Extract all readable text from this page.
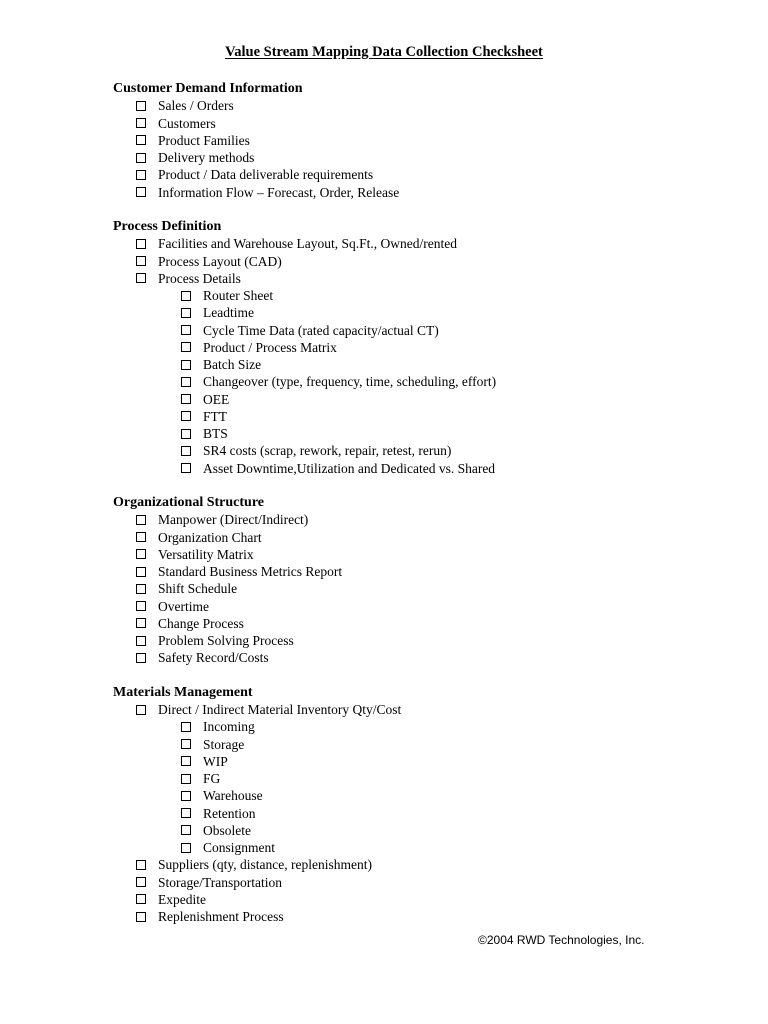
Value Stream Mapping Data Collection Checksheet
Customer Demand Information
Sales / Orders
Customers
Product Families
Delivery methods
Product / Data deliverable requirements
Information Flow – Forecast, Order, Release
Process Definition
Facilities and Warehouse Layout, Sq.Ft., Owned/rented
Process Layout (CAD)
Process Details
Router Sheet
Leadtime
Cycle Time Data (rated capacity/actual CT)
Product / Process Matrix
Batch Size
Changeover (type, frequency, time, scheduling, effort)
OEE
FTT
BTS
SR4 costs (scrap, rework, repair, retest, rerun)
Asset Downtime,Utilization and Dedicated vs. Shared
Organizational Structure
Manpower (Direct/Indirect)
Organization Chart
Versatility Matrix
Standard Business Metrics Report
Shift Schedule
Overtime
Change Process
Problem Solving Process
Safety Record/Costs
Materials Management
Direct / Indirect Material Inventory Qty/Cost
Incoming
Storage
WIP
FG
Warehouse
Retention
Obsolete
Consignment
Suppliers (qty, distance, replenishment)
Storage/Transportation
Expedite
Replenishment Process
©2004 RWD Technologies, Inc.
